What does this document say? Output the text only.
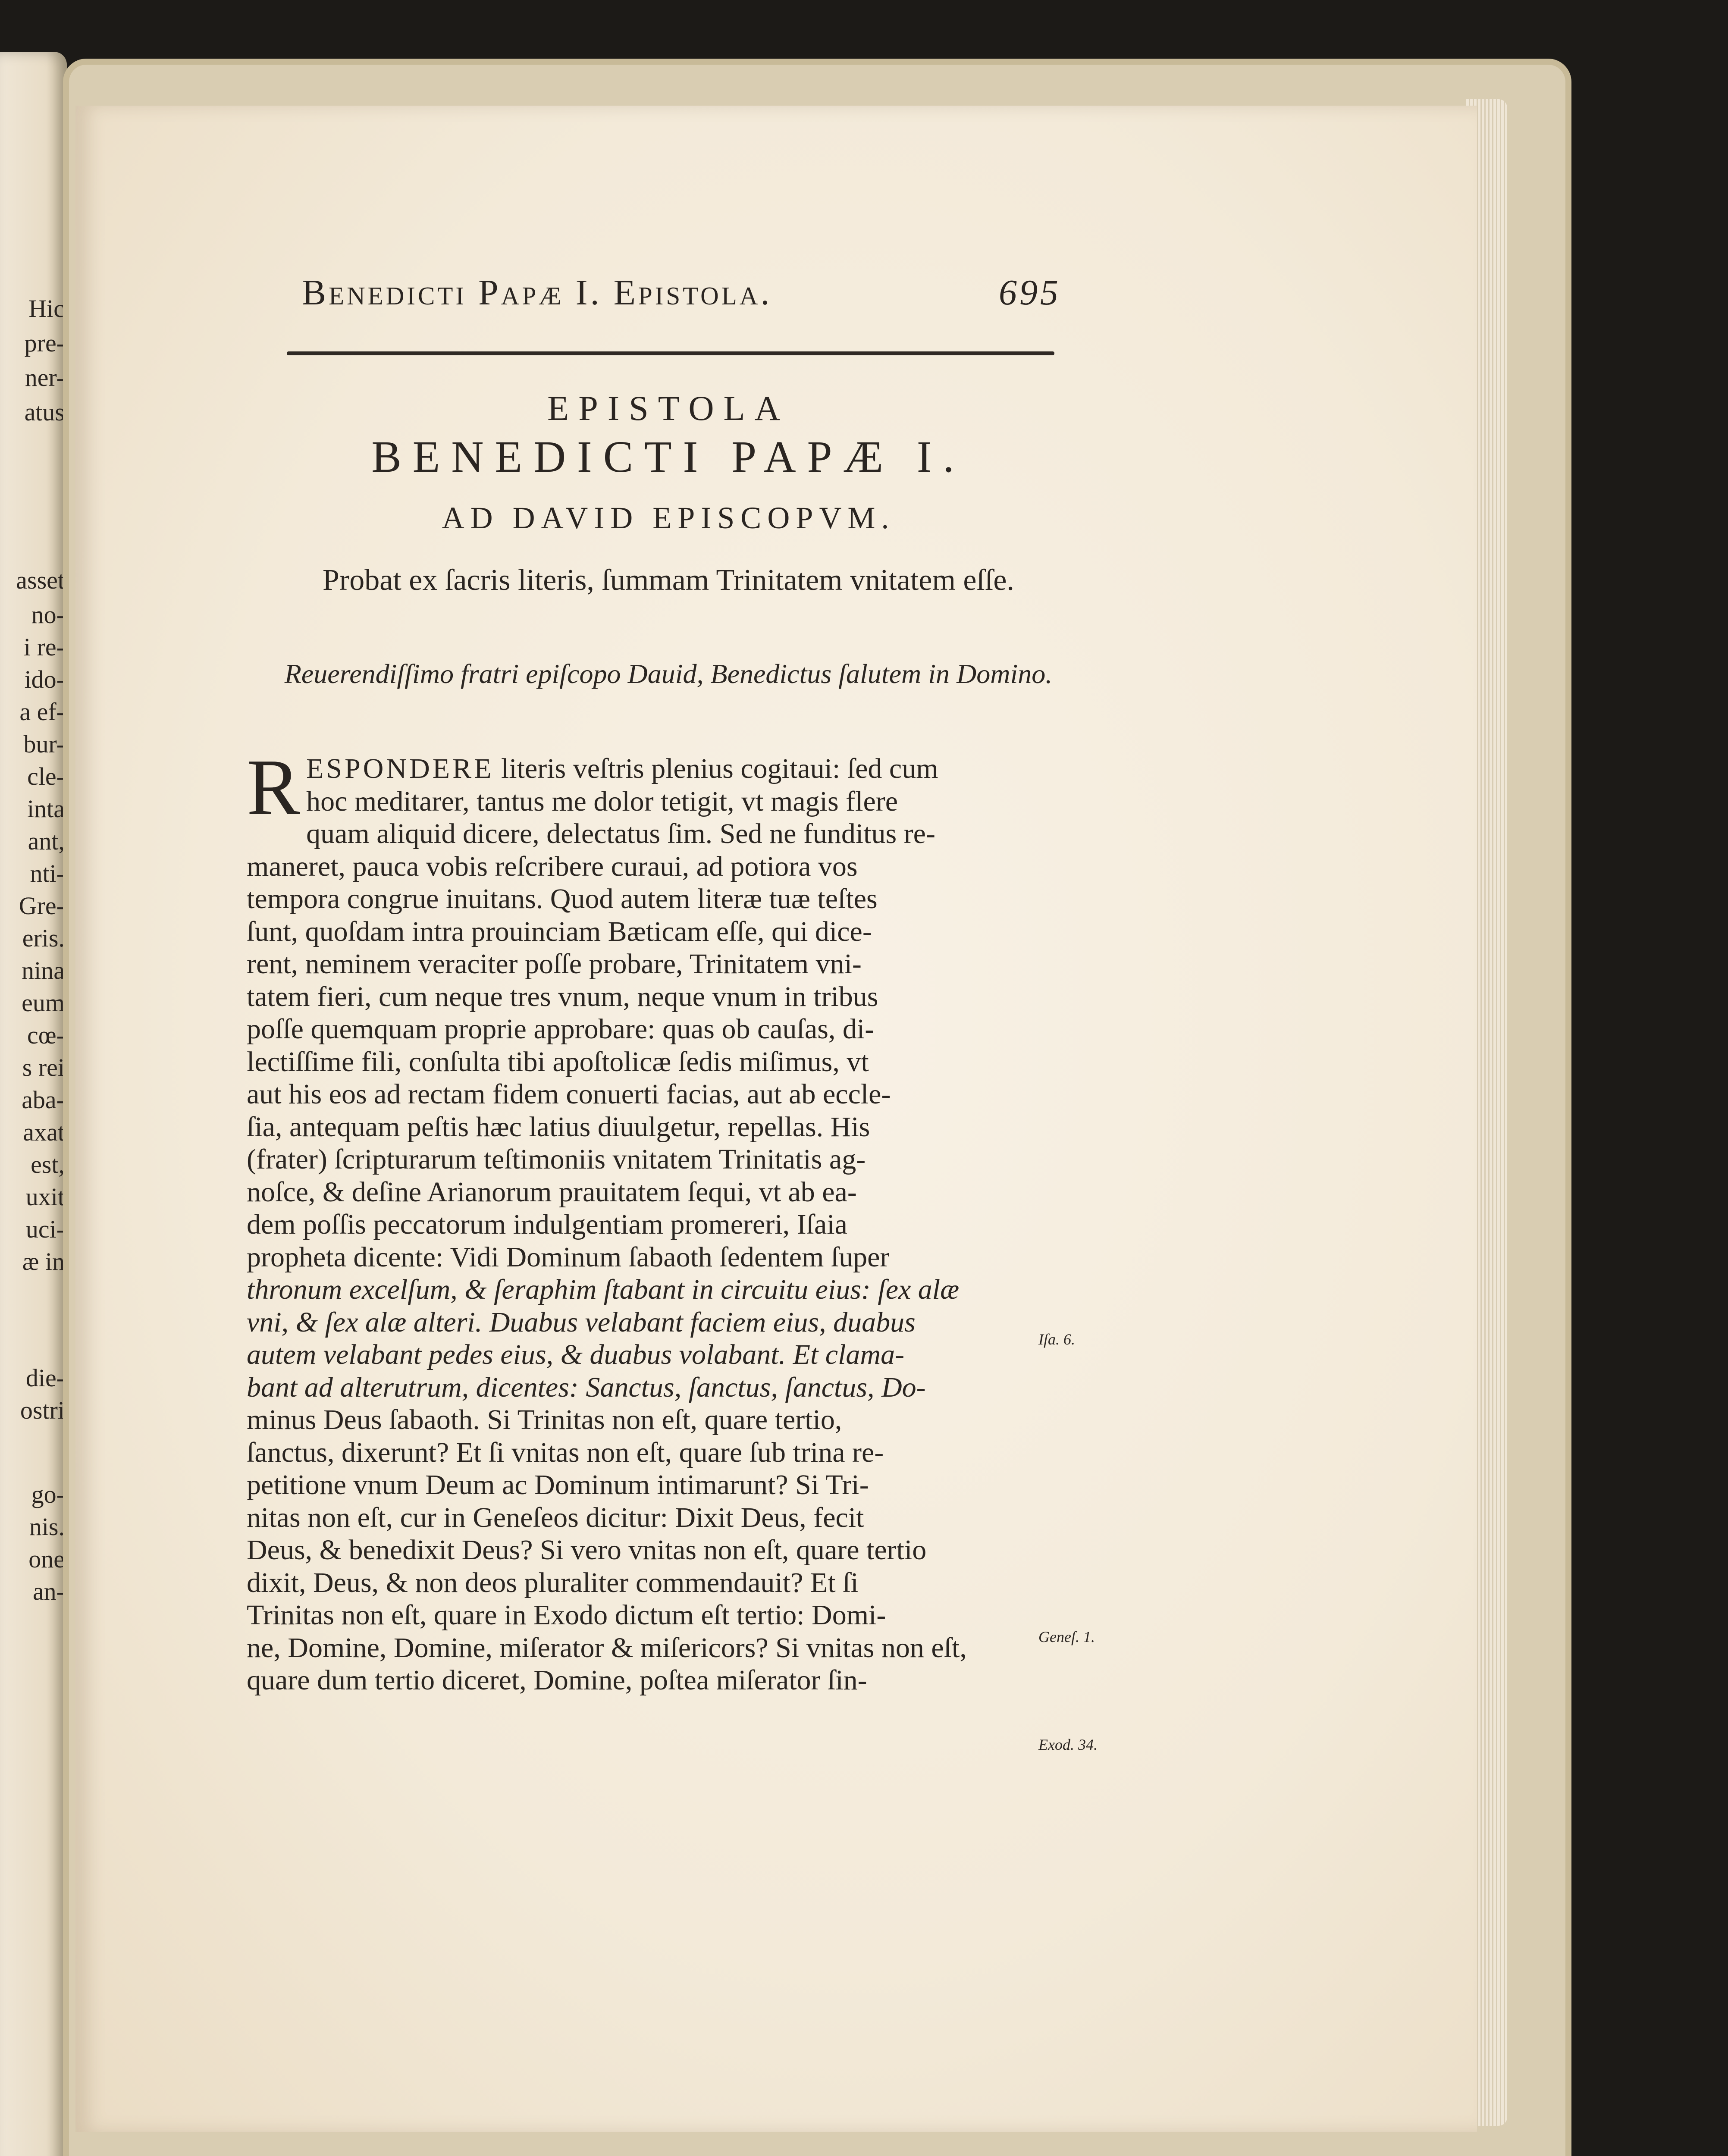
Hic
pre-
ner-
atus
asset
no-
i re-
ido-
a ef-
bur-
cle-
inta
ant,
nti-
Gre-
eris.
nina
eum
cœ-
s rei
aba-
axat
est,
uxit
uci-
æ in
die-
ostri
go-
nis.
one
an-
Benedicti Papæ I. Epistola.	695
EPISTOLA
BENEDICTI PAPÆ I.
AD DAVID EPISCOPVM.
Probat ex ſacris literis, ſummam Trinitatem vnitatem eſſe.
Reuerendiſſimo fratri epiſcopo Dauid, Benedictus ſalutem in Domino.
R ESPONDERE literis veſtris plenius cogitaui: ſed cum
hoc meditarer, tantus me dolor tetigit, vt magis flere
quam aliquid dicere, delectatus ſim. Sed ne funditus re-
maneret, pauca vobis reſcribere curaui, ad potiora vos
tempora congrue inuitans. Quod autem literæ tuæ teſtes
ſunt, quoſdam intra prouinciam Bæticam eſſe, qui dice-
rent, neminem veraciter poſſe probare, Trinitatem vni-
tatem fieri, cum neque tres vnum, neque vnum in tribus
poſſe quemquam proprie approbare: quas ob cauſas, di-
lectiſſime fili, conſulta tibi apoſtolicæ ſedis miſimus, vt
aut his eos ad rectam fidem conuerti facias, aut ab eccle-
ſia, antequam peſtis hæc latius diuulgetur, repellas. His
(frater) ſcripturarum teſtimoniis vnitatem Trinitatis ag-
noſce, & deſine Arianorum prauitatem ſequi, vt ab ea-
dem poſſis peccatorum indulgentiam promereri, Iſaia
propheta dicente: Vidi Dominum ſabaoth ſedentem ſuper
thronum excelſum, & ſeraphim ſtabant in circuitu eius: ſex alæ
vni, & ſex alæ alteri. Duabus velabant faciem eius, duabus
autem velabant pedes eius, & duabus volabant. Et clama-
bant ad alterutrum, dicentes: Sanctus, ſanctus, ſanctus, Do-
minus Deus ſabaoth. Si Trinitas non eſt, quare tertio,
ſanctus, dixerunt? Et ſi vnitas non eſt, quare ſub trina re-
petitione vnum Deum ac Dominum intimarunt? Si Tri-
nitas non eſt, cur in Geneſeos dicitur: Dixit Deus, fecit
Deus, & benedixit Deus? Si vero vnitas non eſt, quare tertio
dixit, Deus, & non deos pluraliter commendauit? Et ſi
Trinitas non eſt, quare in Exodo dictum eſt tertio: Domi-
ne, Domine, Domine, miſerator & miſericors? Si vnitas non eſt,
quare dum tertio diceret, Domine, poſtea miſerator ſin-
Iſa. 6.
Geneſ. 1.
Exod. 34.
